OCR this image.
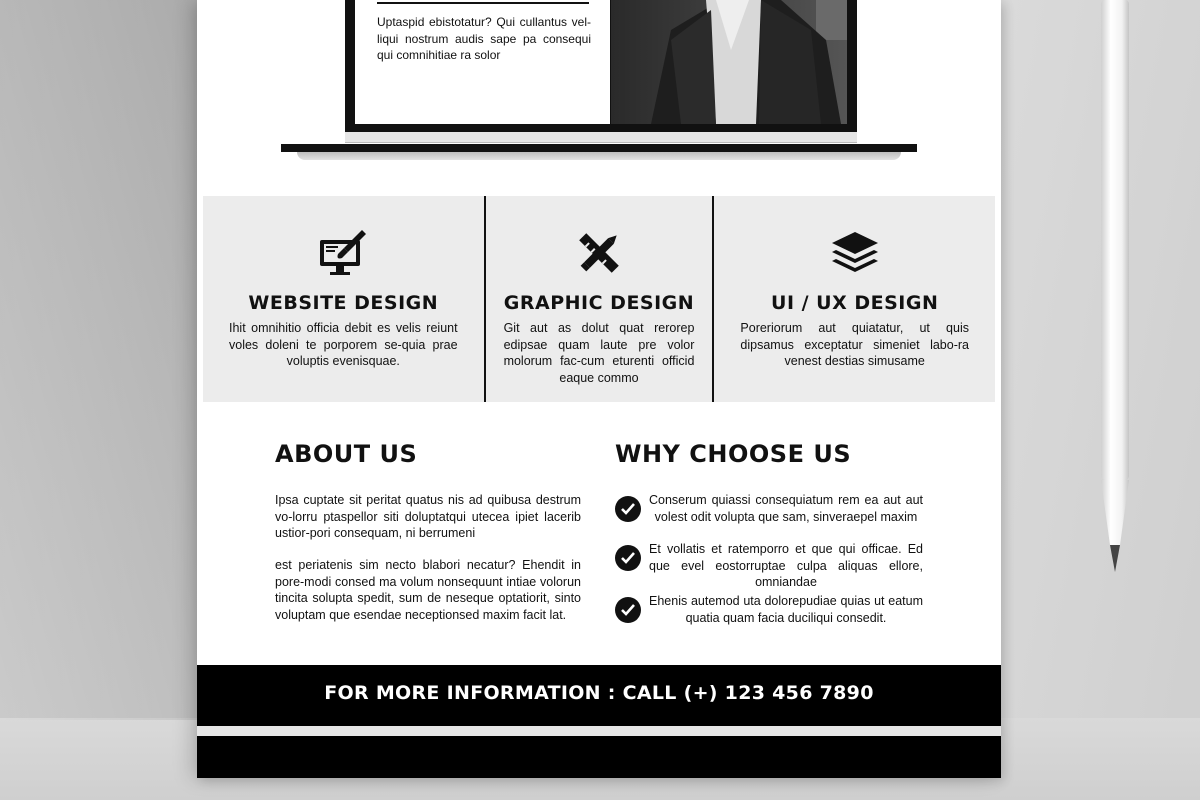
Uptaspid ebistotatur? Qui cullantus vel-liqui nostrum audis sape pa consequi qui comnihitiae ra solor

WEBSITE DESIGN

Ihit omnihitio officia debit es velis reiunt voles doleni te porporem se-quia prae voluptis evenisquae.

GRAPHIC DESIGN

Git aut as dolut quat rerorep edipsae quam laute pre volor molorum fac-cum eturenti officid eaque commo

UI / UX DESIGN

Porerioru​m aut quiatatur, ut quis dipsamus exceptatur simeniet labo-ra venest destias simusame

ABOUT US

Ipsa cuptate sit peritat quatus nis ad quibusa destrum vo-lorru ptaspellor siti doluptatqui utecea ipiet lacerib ustior-pori consequam, ni berrumeni

est periatenis sim necto blabori necatur? Ehendit in pore-modi consed ma volum nonsequunt intiae volorun tincita solupta spedit, sum de neseque optatiorit, sinto voluptam que esendae neceptionsed maxim facit lat.

WHY CHOOSE US

Conserum quiassi consequiatum rem ea aut aut volest odit volupta que sam, sinveraepel maxim

Et vollatis et ratemporro et que qui officae. Ed que evel eostorruptae culpa aliquas ellore, omniandae

Ehenis autemod uta dolorepudiae quias ut eatum quatia quam facia duciliqui consedit.

FOR MORE INFORMATION : CALL (+) 123 456 7890
